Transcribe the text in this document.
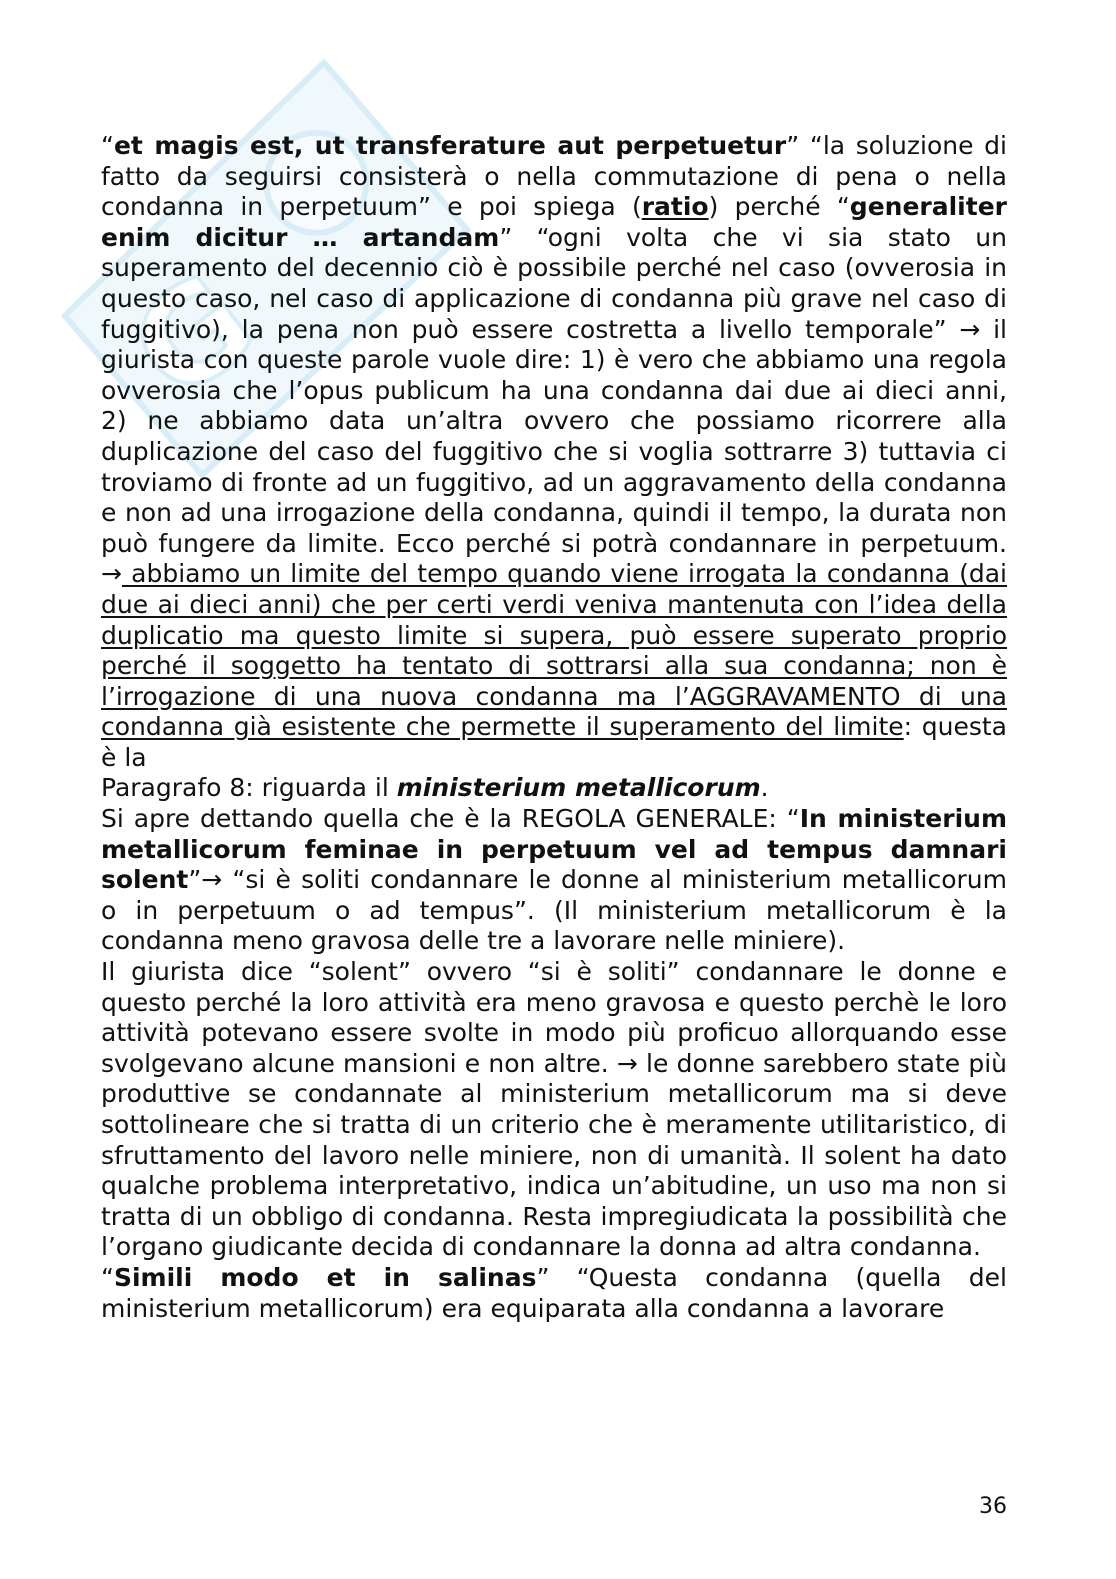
G

“et magis est, ut transferature aut perpetuetur” “la soluzione di fatto da seguirsi consisterà o nella commutazione di pena o nella condanna in perpetuum” e poi spiega (ratio) perché “generaliter enim dicitur … artandam” “ogni volta che vi sia stato un superamento del decennio ciò è possibile perché nel caso (ovverosia in questo caso, nel caso di applicazione di condanna più grave nel caso di fuggitivo), la pena non può essere costretta a livello temporale” → il giurista con queste parole vuole dire: 1) è vero che abbiamo una regola ovverosia che l’opus publicum ha una condanna dai due ai dieci anni, 2) ne abbiamo data un’altra ovvero che possiamo ricorrere alla duplicazione del caso del fuggitivo che si voglia sottrarre 3) tuttavia ci troviamo di fronte ad un fuggitivo, ad un aggravamento della condanna e non ad una irrogazione della condanna, quindi il tempo, la durata non può fungere da limite. Ecco perché si potrà condannare in perpetuum. → abbiamo un limite del tempo quando viene irrogata la condanna (dai due ai dieci anni) che per certi verdi veniva mantenuta con l’idea della duplicatio ma questo limite si supera, può essere superato proprio perché il soggetto ha tentato di sottrarsi alla sua condanna; non è l’irrogazione di una nuova condanna ma l’AGGRAVAMENTO di una condanna già esistente che permette il superamento del limite: questa è la

Paragrafo 8: riguarda il ministerium metallicorum.

Si apre dettando quella che è la REGOLA GENERALE: “In ministerium metallicorum feminae in perpetuum vel ad tempus damnari solent”→ “si è soliti condannare le donne al ministerium metallicorum o in perpetuum o ad tempus”. (Il ministerium metallicorum è la condanna meno gravosa delle tre a lavorare nelle miniere).

Il giurista dice “solent” ovvero “si è soliti” condannare le donne e questo perché la loro attività era meno gravosa e questo perchè le loro attività potevano essere svolte in modo più proficuo allorquando esse svolgevano alcune mansioni e non altre. → le donne sarebbero state più produttive se condannate al ministerium metallicorum ma si deve sottolineare che si tratta di un criterio che è meramente utilitaristico, di sfruttamento del lavoro nelle miniere, non di umanità. Il solent ha dato qualche problema interpretativo, indica un’abitudine, un uso ma non si tratta di un obbligo di condanna. Resta impregiudicata la possibilità che l’organo giudicante decida di condannare la donna ad altra condanna.

“Simili modo et in salinas” “Questa condanna (quella del ministerium metallicorum) era equiparata alla condanna a lavorare

36
